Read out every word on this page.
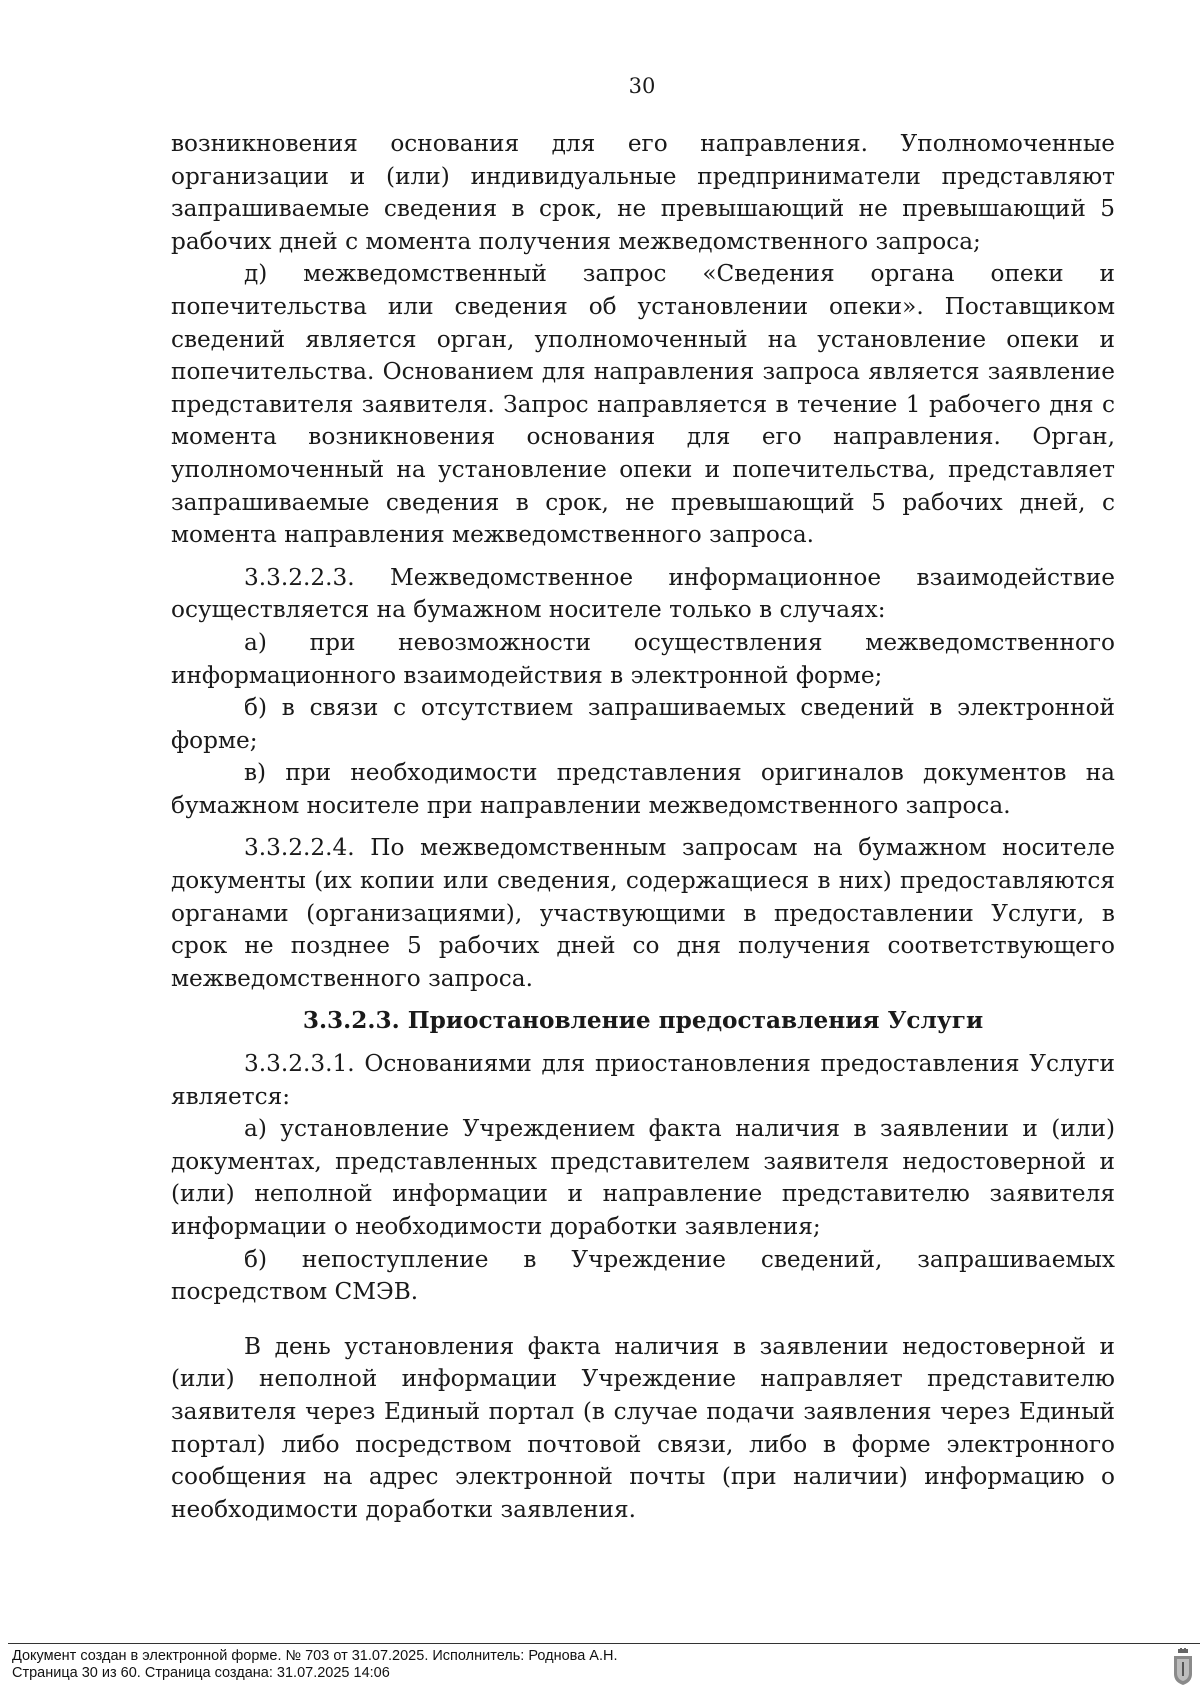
30

возникновения основания для его направления. Уполномоченные организации и (или) индивидуальные предприниматели представляют запрашиваемые сведения в срок, не превышающий не превышающий 5 рабочих дней с момента получения межведомственного запроса;

д) межведомственный запрос «Сведения органа опеки и попечительства или сведения об установлении опеки». Поставщиком сведений является орган, уполномоченный на установление опеки и попечительства. Основанием для направления запроса является заявление представителя заявителя. Запрос направляется в течение 1 рабочего дня с момента возникновения основания для его направления. Орган, уполномоченный на установление опеки и попечительства, представляет запрашиваемые сведения в срок, не превышающий 5 рабочих дней, с момента направления межведомственного запроса.

3.3.2.2.3. Межведомственное информационное взаимодействие осуществляется на бумажном носителе только в случаях:

а) при невозможности осуществления межведомственного информационного взаимодействия в электронной форме;

б) в связи с отсутствием запрашиваемых сведений в электронной форме;

в) при необходимости представления оригиналов документов на бумажном носителе при направлении межведомственного запроса.

3.3.2.2.4. По межведомственным запросам на бумажном носителе документы (их копии или сведения, содержащиеся в них) предоставляются органами (организациями), участвующими в предоставлении Услуги, в срок не позднее 5 рабочих дней со дня получения соответствующего межведомственного запроса.

3.3.2.3. Приостановление предоставления Услуги

3.3.2.3.1. Основаниями для приостановления предоставления Услуги является:

а) установление Учреждением факта наличия в заявлении и (или) документах, представленных представителем заявителя недостоверной и (или) неполной информации и направление представителю заявителя информации о необходимости доработки заявления;

б) непоступление в Учреждение сведений, запрашиваемых посредством СМЭВ.

В день установления факта наличия в заявлении недостоверной и (или) неполной информации Учреждение направляет представителю заявителя через Единый портал (в случае подачи заявления через Единый портал) либо посредством почтовой связи, либо в форме электронного сообщения на адрес электронной почты (при наличии) информацию о необходимости доработки заявления.

Документ создан в электронной форме. № 703 от 31.07.2025. Исполнитель: Роднова А.Н.
Страница 30 из 60. Страница создана: 31.07.2025 14:06
